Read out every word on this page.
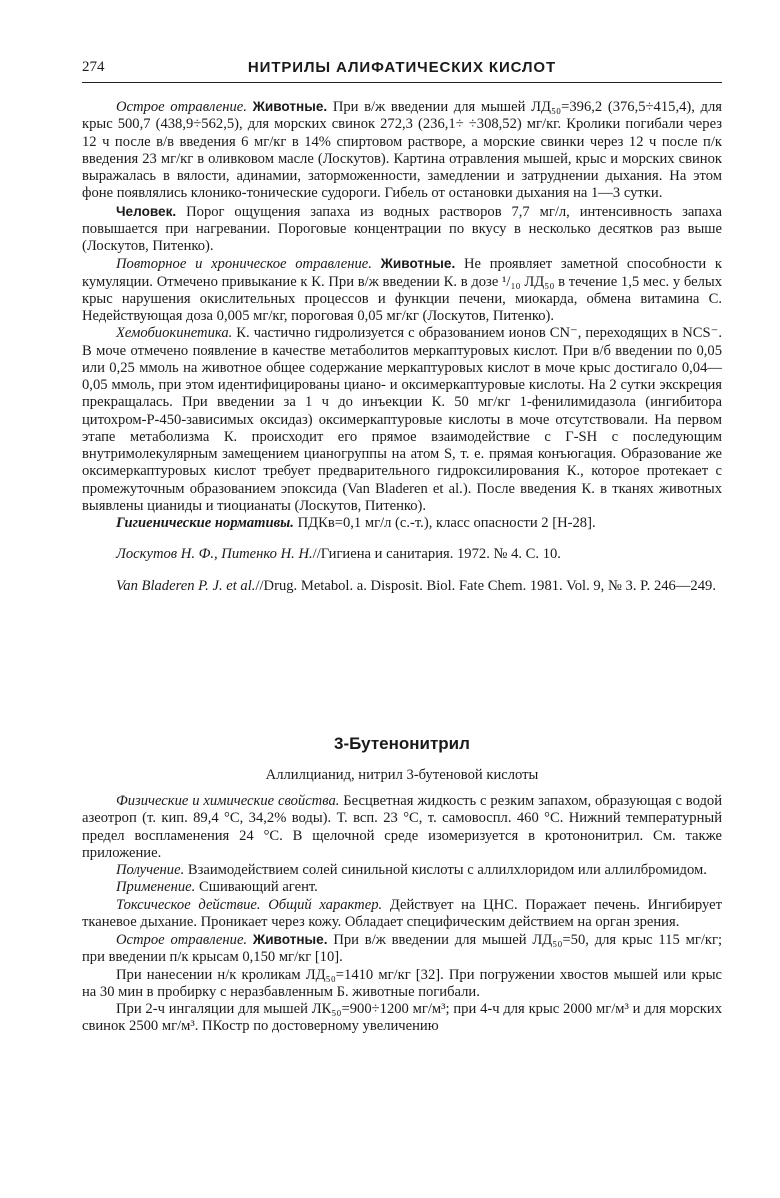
274	НИТРИЛЫ АЛИФАТИЧЕСКИХ КИСЛОТ

Острое отравление. Животные. При в/ж введении для мышей ЛД₅₀=396,2 (376,5÷415,4), для крыс 500,7 (438,9÷562,5), для морских свинок 272,3 (236,1÷ ÷308,52) мг/кг. Кролики погибали через 12 ч после в/в введения 6 мг/кг в 14% спиртовом растворе, а морские свинки через 12 ч после п/к введения 23 мг/кг в оливковом масле (Лоскутов). Картина отравления мышей, крыс и морских свинок выражалась в вялости, адинамии, заторможенности, замедлении и затруднении дыхания. На этом фоне появлялись клонико-тонические судороги. Гибель от остановки дыхания на 1—3 сутки.

Человек. Порог ощущения запаха из водных растворов 7,7 мг/л, интенсивность запаха повышается при нагревании. Пороговые концентрации по вкусу в несколько десятков раз выше (Лоскутов, Питенко).

Повторное и хроническое отравление. Животные. Не проявляет заметной способности к кумуляции. Отмечено привыкание к К. При в/ж введении К. в дозе ¹/₁₀ ЛД₅₀ в течение 1,5 мес. у белых крыс нарушения окислительных процессов и функции печени, миокарда, обмена витамина С. Недействующая доза 0,005 мг/кг, пороговая 0,05 мг/кг (Лоскутов, Питенко).

Хемобиокинетика. К. частично гидролизуется с образованием ионов CN⁻, переходящих в NCS⁻. В моче отмечено появление в качестве метаболитов меркаптуровых кислот. При в/б введении по 0,05 или 0,25 ммоль на животное общее содержание меркаптуровых кислот в моче крыс достигало 0,04—0,05 ммоль, при этом идентифицированы циано- и оксимеркаптуровые кислоты. На 2 сутки экскреция прекращалась. При введении за 1 ч до инъекции К. 50 мг/кг 1-фенилимидазола (ингибитора цитохром-Р-450-зависимых оксидаз) оксимеркаптуровые кислоты в моче отсутствовали. На первом этапе метаболизма К. происходит его прямое взаимодействие с Г-SH с последующим внутримолекулярным замещением цианогруппы на атом S, т. е. прямая конъюгация. Образование же оксимеркаптуровых кислот требует предварительного гидроксилирования К., которое протекает с промежуточным образованием эпоксида (Van Bladeren et al.). После введения К. в тканях животных выявлены цианиды и тиоцианаты (Лоскутов, Питенко).

Гигиенические нормативы. ПДКв=0,1 мг/л (с.-т.), класс опасности 2 [Н-28].

Лоскутов Н. Ф., Питенко Н. Н.//Гигиена и санитария. 1972. № 4. С. 10.

Van Bladeren P. J. et al.//Drug. Metabol. a. Disposit. Biol. Fate Chem. 1981. Vol. 9, № 3. P. 246—249.

3-Бутенонитрил
Аллилцианид, нитрил 3-бутеновой кислоты

Физические и химические свойства. Бесцветная жидкость с резким запахом, образующая с водой азеотроп (т. кип. 89,4 °С, 34,2% воды). Т. всп. 23 °С, т. самовоспл. 460 °С. Нижний температурный предел воспламенения 24 °С. В щелочной среде изомеризуется в кротононитрил. См. также приложение.

Получение. Взаимодействием солей синильной кислоты с аллилхлоридом или аллилбромидом.

Применение. Сшивающий агент.

Токсическое действие. Общий характер. Действует на ЦНС. Поражает печень. Ингибирует тканевое дыхание. Проникает через кожу. Обладает специфическим действием на орган зрения.

Острое отравление. Животные. При в/ж введении для мышей ЛД₅₀=50, для крыс 115 мг/кг; при введении п/к крысам 0,150 мг/кг [10].

При нанесении н/к кроликам ЛД₅₀=1410 мг/кг [32]. При погружении хвостов мышей или крыс на 30 мин в пробирку с неразбавленным Б. животные погибали.

При 2-ч ингаляции для мышей ЛК₅₀=900÷1200 мг/м³; при 4-ч для крыс 2000 мг/м³ и для морских свинок 2500 мг/м³. ПКостр по достоверному увеличению
